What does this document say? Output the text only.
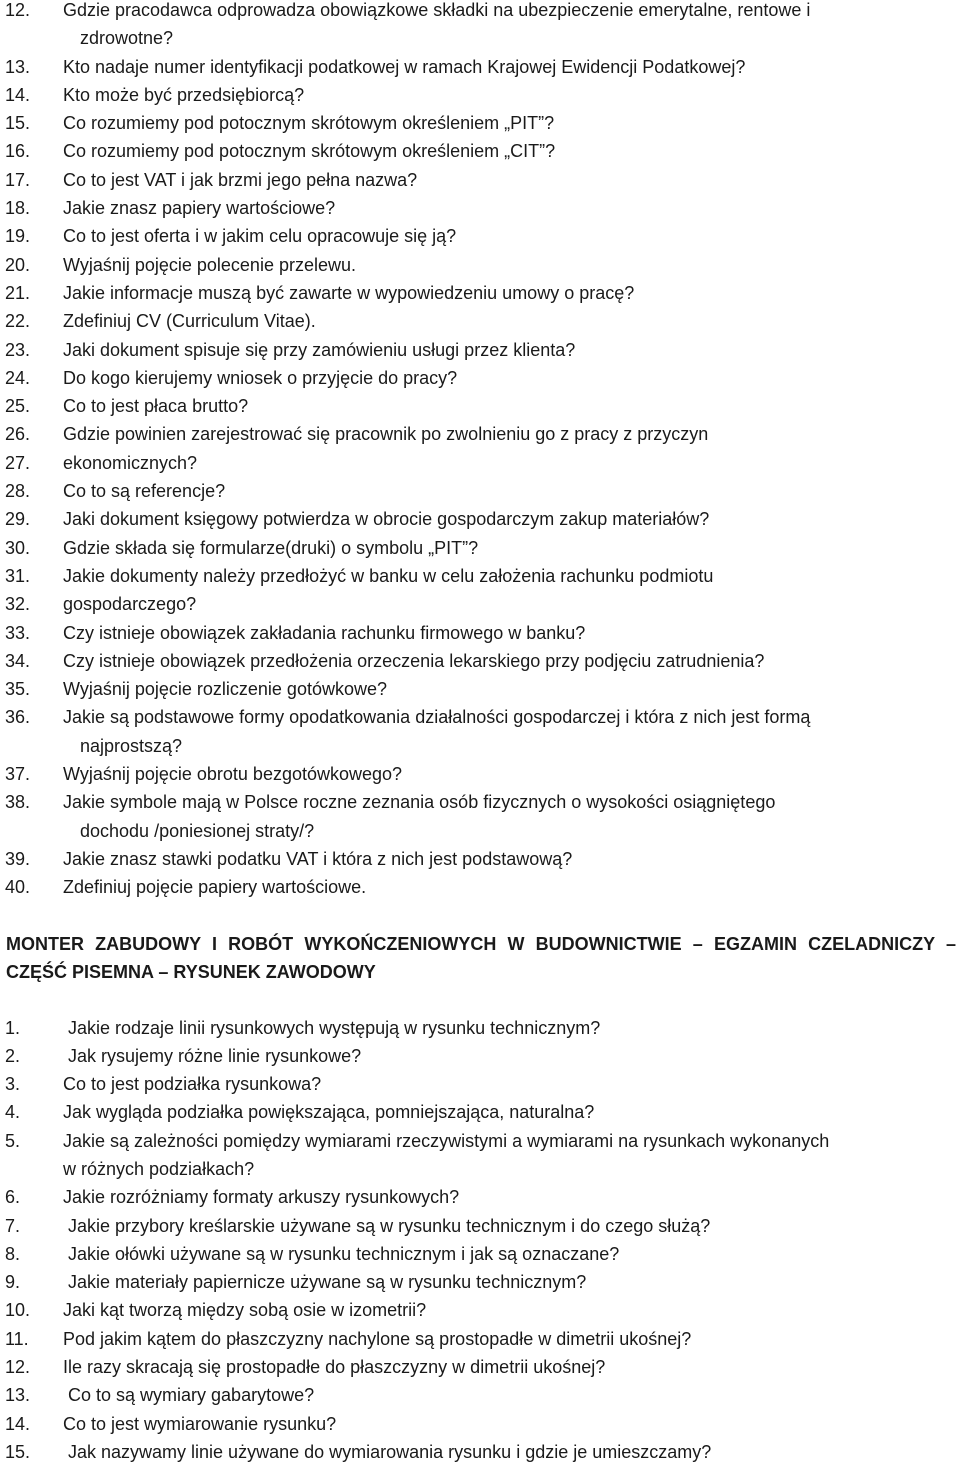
12.	Gdzie pracodawca odprowadza obowiązkowe składki na ubezpieczenie emerytalne, rentowe i
zdrowotne?
13.	Kto nadaje numer identyfikacji podatkowej w ramach Krajowej Ewidencji Podatkowej?
14.	Kto może być przedsiębiorcą?
15.	Co rozumiemy pod potocznym skrótowym określeniem „PIT”?
16.	Co rozumiemy pod potocznym skrótowym określeniem „CIT”?
17.	Co to jest VAT i jak brzmi jego pełna nazwa?
18.	Jakie znasz papiery wartościowe?
19.	Co to jest oferta i w jakim celu opracowuje się ją?
20.	Wyjaśnij pojęcie polecenie przelewu.
21.	Jakie informacje muszą być zawarte w wypowiedzeniu umowy o pracę?
22.	Zdefiniuj CV (Curriculum Vitae).
23.	Jaki dokument spisuje się przy zamówieniu usługi przez klienta?
24.	Do kogo kierujemy wniosek o przyjęcie do pracy?
25.	Co to jest płaca brutto?
26.	Gdzie powinien zarejestrować się pracownik po zwolnieniu go z pracy z przyczyn
27.	ekonomicznych?
28.	Co to są referencje?
29.	Jaki dokument księgowy potwierdza w obrocie gospodarczym zakup materiałów?
30.	Gdzie składa się formularze(druki) o symbolu „PIT”?
31.	Jakie dokumenty należy przedłożyć w banku w celu założenia rachunku podmiotu
32.	gospodarczego?
33.	Czy istnieje obowiązek zakładania rachunku firmowego w banku?
34.	Czy istnieje obowiązek przedłożenia orzeczenia lekarskiego przy podjęciu zatrudnienia?
35.	Wyjaśnij pojęcie rozliczenie gotówkowe?
36.	Jakie są podstawowe formy opodatkowania działalności gospodarczej i która z nich jest formą
najprostszą?
37.	Wyjaśnij pojęcie obrotu bezgotówkowego?
38.	Jakie symbole mają w Polsce roczne zeznania osób fizycznych o wysokości osiągniętego
dochodu /poniesionej straty/?
39.	Jakie znasz stawki podatku VAT i która z nich jest podstawową?
40.	Zdefiniuj pojęcie papiery wartościowe.
MONTER ZABUDOWY I ROBÓT WYKOŃCZENIOWYCH W BUDOWNICTWIE – EGZAMIN CZELADNICZY – CZĘŚĆ PISEMNA – RYSUNEK ZAWODOWY
1.	Jakie rodzaje linii rysunkowych występują w rysunku technicznym?
2.	Jak rysujemy różne linie rysunkowe?
3.	Co to jest podziałka rysunkowa?
4.	Jak wygląda podziałka powiększająca, pomniejszająca, naturalna?
5.	Jakie są zależności pomiędzy wymiarami rzeczywistymi a wymiarami na rysunkach wykonanych
w różnych podziałkach?
6.	Jakie rozróżniamy formaty arkuszy rysunkowych?
7.	Jakie przybory kreślarskie używane są w rysunku technicznym i do czego służą?
8.	Jakie ołówki używane są w rysunku technicznym i jak są oznaczane?
9.	Jakie materiały papiernicze używane są w rysunku technicznym?
10.	Jaki kąt tworzą między sobą osie w izometrii?
11.	Pod jakim kątem do płaszczyzny nachylone są prostopadłe w dimetrii ukośnej?
12.	Ile razy skracają się prostopadłe do płaszczyzny w dimetrii ukośnej?
13.	Co to są wymiary gabarytowe?
14.	Co to jest wymiarowanie rysunku?
15.	Jak nazywamy linie używane do wymiarowania rysunku i gdzie je umieszczamy?
